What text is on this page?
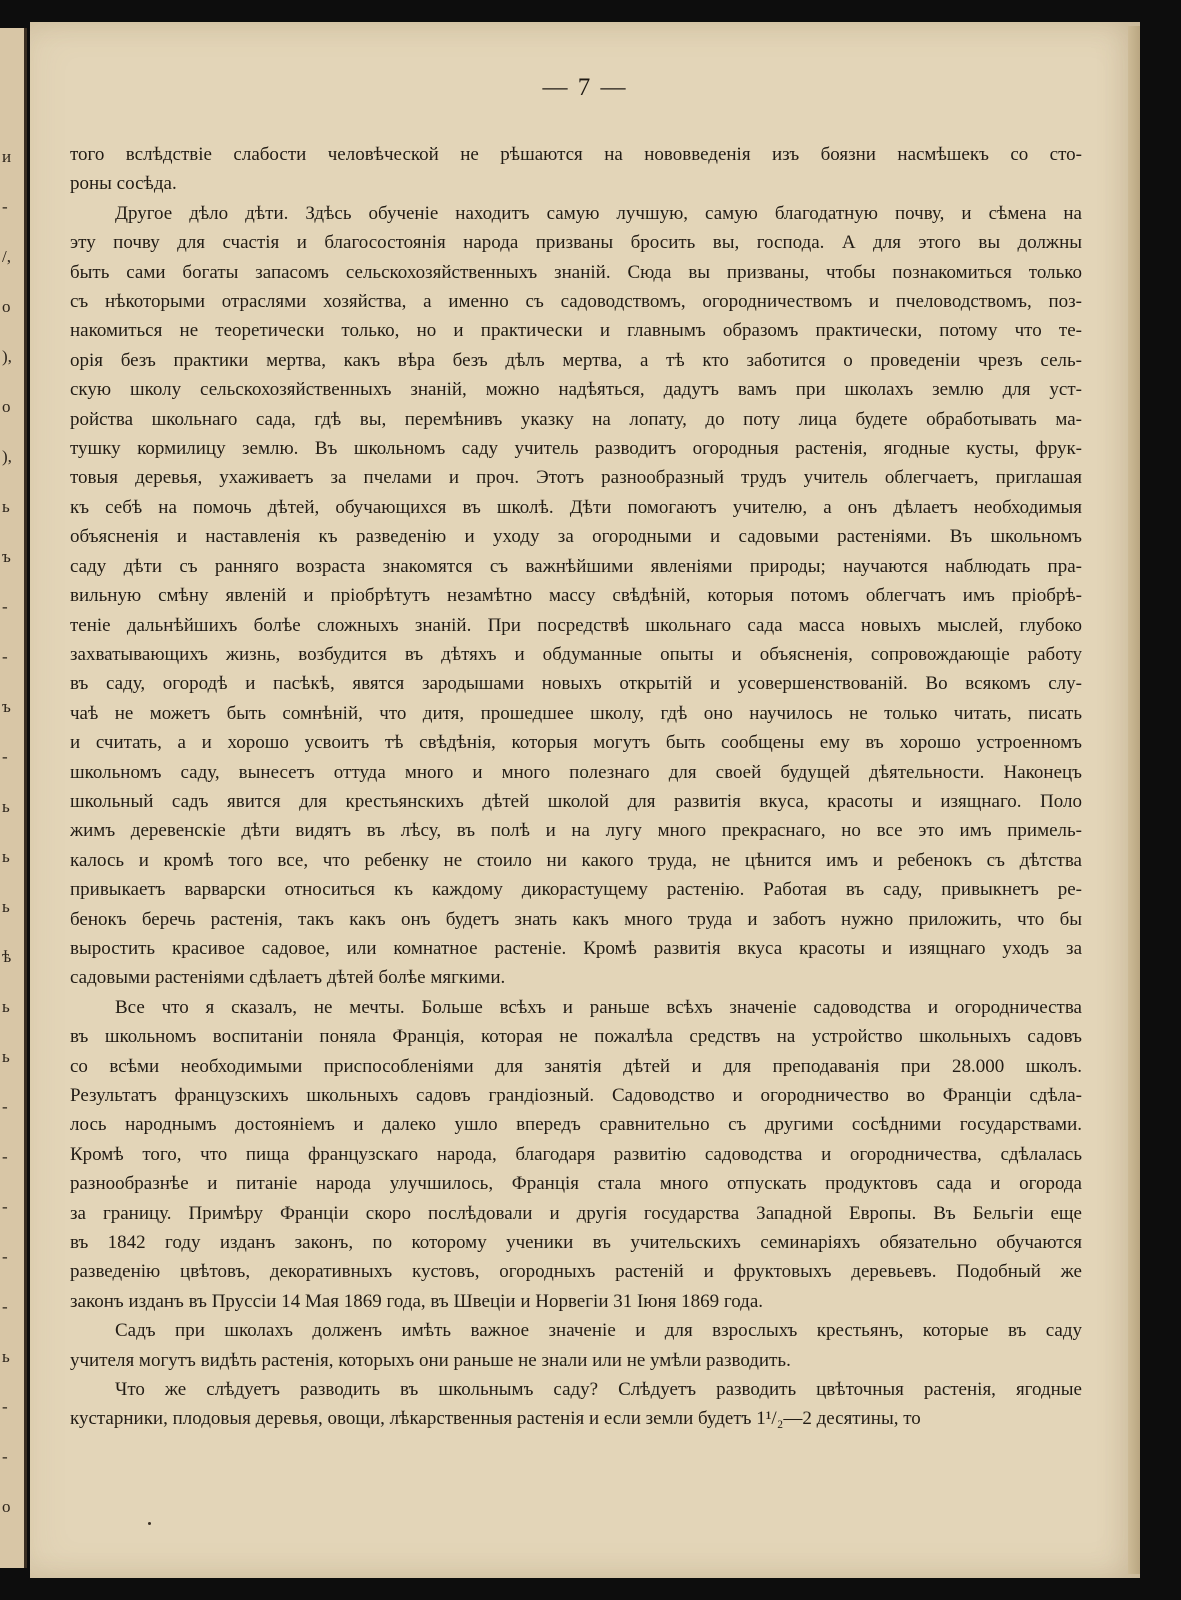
и
-
/,
о
),
о
),
ь
ъ
-
-
ъ
-
ь
ь
ь
ѣ
ь
ь
-
-
-
-
-
ь
-
-
о
— 7 —

того вслѣдствіе слабости человѣческой не рѣшаются на нововведенія изъ боязни насмѣшекъ со сто-
роны сосѣда.

Другое дѣло дѣти. Здѣсь обученіе находитъ самую лучшую, самую благодатную почву, и сѣмена на
эту почву для счастія и благосостоянія народа призваны бросить вы, господа. А для этого вы должны
быть сами богаты запасомъ сельскохозяйственныхъ знаній. Сюда вы призваны, чтобы познакомиться только
съ нѣкоторыми отраслями хозяйства, а именно съ садоводствомъ, огородничествомъ и пчеловодствомъ, поз-
накомиться не теоретически только, но и практически и главнымъ образомъ практически, потому что те-
орія безъ практики мертва, какъ вѣра безъ дѣлъ мертва, а тѣ кто заботится о проведеніи чрезъ сель-
скую школу сельскохозяйственныхъ знаній, можно надѣяться, дадутъ вамъ при школахъ землю для уст-
ройства школьнаго сада, гдѣ вы, перемѣнивъ указку на лопату, до поту лица будете обработывать ма-
тушку кормилицу землю. Въ школьномъ саду учитель разводитъ огородныя растенія, ягодные кусты, фрук-
товыя деревья, ухаживаетъ за пчелами и проч. Этотъ разнообразный трудъ учитель облегчаетъ, приглашая
къ себѣ на помочь дѣтей, обучающихся въ школѣ. Дѣти помогаютъ учителю, а онъ дѣлаетъ необходимыя
объясненія и наставленія къ разведенію и уходу за огородными и садовыми растеніями. Въ школьномъ
саду дѣти съ ранняго возраста знакомятся съ важнѣйшими явленіями природы; научаются наблюдать пра-
вильную смѣну явленій и пріобрѣтутъ незамѣтно массу свѣдѣній, которыя потомъ облегчатъ имъ пріобрѣ-
теніе дальнѣйшихъ болѣе сложныхъ знаній. При посредствѣ школьнаго сада масса новыхъ мыслей, глубоко
захватывающихъ жизнь, возбудится въ дѣтяхъ и обдуманные опыты и объясненія, сопровождающіе работу
въ саду, огородѣ и пасѣкѣ, явятся зародышами новыхъ открытій и усовершенствованій. Во всякомъ слу-
чаѣ не можетъ быть сомнѣній, что дитя, прошедшее школу, гдѣ оно научилось не только читать, писать
и считать, а и хорошо усвоитъ тѣ свѣдѣнія, которыя могутъ быть сообщены ему въ хорошо устроенномъ
школьномъ саду, вынесетъ оттуда много и много полезнаго для своей будущей дѣятельности. Наконецъ
школьный садъ явится для крестьянскихъ дѣтей школой для развитія вкуса, красоты и изящнаго. Поло
жимъ деревенскіе дѣти видятъ въ лѣсу, въ полѣ и на лугу много прекраснаго, но все это имъ примель-
калось и кромѣ того все, что ребенку не стоило ни какого труда, не цѣнится имъ и ребенокъ съ дѣтства
привыкаетъ варварски относиться къ каждому дикорастущему растенію. Работая въ саду, привыкнетъ ре-
бенокъ беречь растенія, такъ какъ онъ будетъ знать какъ много труда и заботъ нужно приложить, что бы
выростить красивое садовое, или комнатное растеніе. Кромѣ развитія вкуса красоты и изящнаго уходъ за
садовыми растеніями сдѣлаетъ дѣтей болѣе мягкими.

Все что я сказалъ, не мечты. Больше всѣхъ и раньше всѣхъ значеніе садоводства и огородничества
въ школьномъ воспитаніи поняла Франція, которая не пожалѣла средствъ на устройство школьныхъ садовъ
со всѣми необходимыми приспособленіями для занятія дѣтей и для преподаванія при 28.000 школъ.
Результатъ французскихъ школьныхъ садовъ грандіозный. Садоводство и огородничество во Франціи сдѣла-
лось народнымъ достояніемъ и далеко ушло впередъ сравнительно съ другими сосѣдними государствами.
Кромѣ того, что пища французскаго народа, благодаря развитію садоводства и огородничества, сдѣлалась
разнообразнѣе и питаніе народа улучшилось, Франція стала много отпускать продуктовъ сада и огорода
за границу. Примѣру Франціи скоро послѣдовали и другія государства Западной Европы. Въ Бельгіи еще
въ 1842 году изданъ законъ, по которому ученики въ учительскихъ семинаріяхъ обязательно обучаются
разведенію цвѣтовъ, декоративныхъ кустовъ, огородныхъ растеній и фруктовыхъ деревьевъ. Подобный же
законъ изданъ въ Пруссіи 14 Мая 1869 года, въ Швеціи и Норвегіи 31 Іюня 1869 года.

Садъ при школахъ долженъ имѣть важное значеніе и для взрослыхъ крестьянъ, которые въ саду
учителя могутъ видѣть растенія, которыхъ они раньше не знали или не умѣли разводить.

Что же слѣдуетъ разводить въ школьнымъ саду? Слѣдуетъ разводить цвѣточныя растенія, ягодные
кустарники, плодовыя деревья, овощи, лѣкарственныя растенія и если земли будетъ 1¹/₂—2 десятины, то
